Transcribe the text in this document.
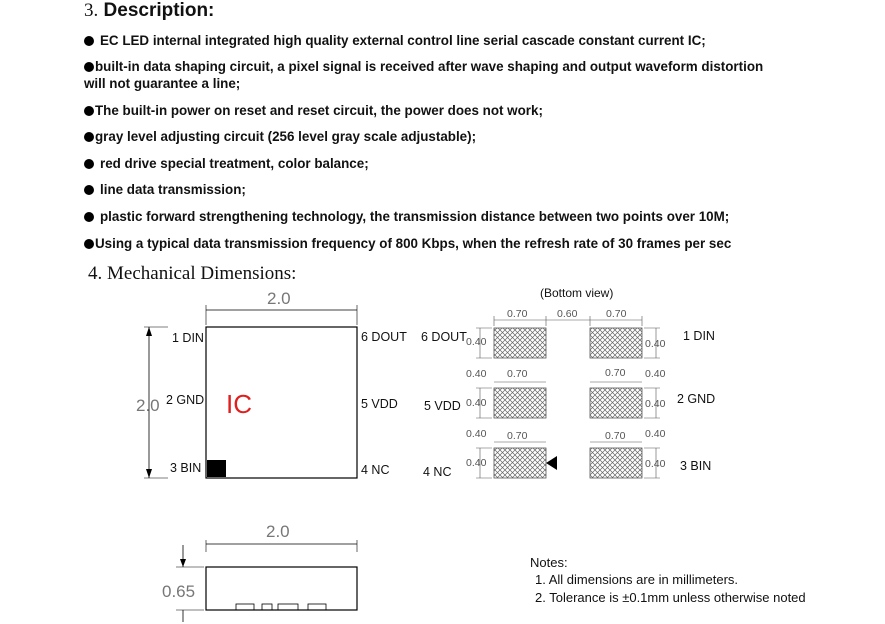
3. Description:
EC LED internal integrated high quality external control line serial cascade constant current IC;
built-in data shaping circuit, a pixel signal is received after wave shaping and output waveform distortion will not guarantee a line;
The built-in power on reset and reset circuit, the power does not work;
gray level adjusting circuit (256 level gray scale adjustable);
red drive special treatment, color balance;
line data transmission;
plastic forward strengthening technology, the transmission distance between two points over 10M;
Using a typical data transmission frequency of 800 Kbps, when the refresh rate of 30 frames per sec
4. Mechanical Dimensions:
2.0
2.0
1 DIN
2 GND
3 BIN
6 DOUT
5 VDD
4 NC
IC
(Bottom view)
0.70	0.60	0.70
6 DOUT
5 VDD
4 NC
1 DIN
2 GND
3 BIN
0.40
0.40
0.40
0.40
0.40
0.70
0.70
0.70
0.70
0.40
0.40
0.40
0.40
0.40
2.0
0.65
Notes:
1. All dimensions are in millimeters.
2. Tolerance is ±0.1mm unless otherwise noted
